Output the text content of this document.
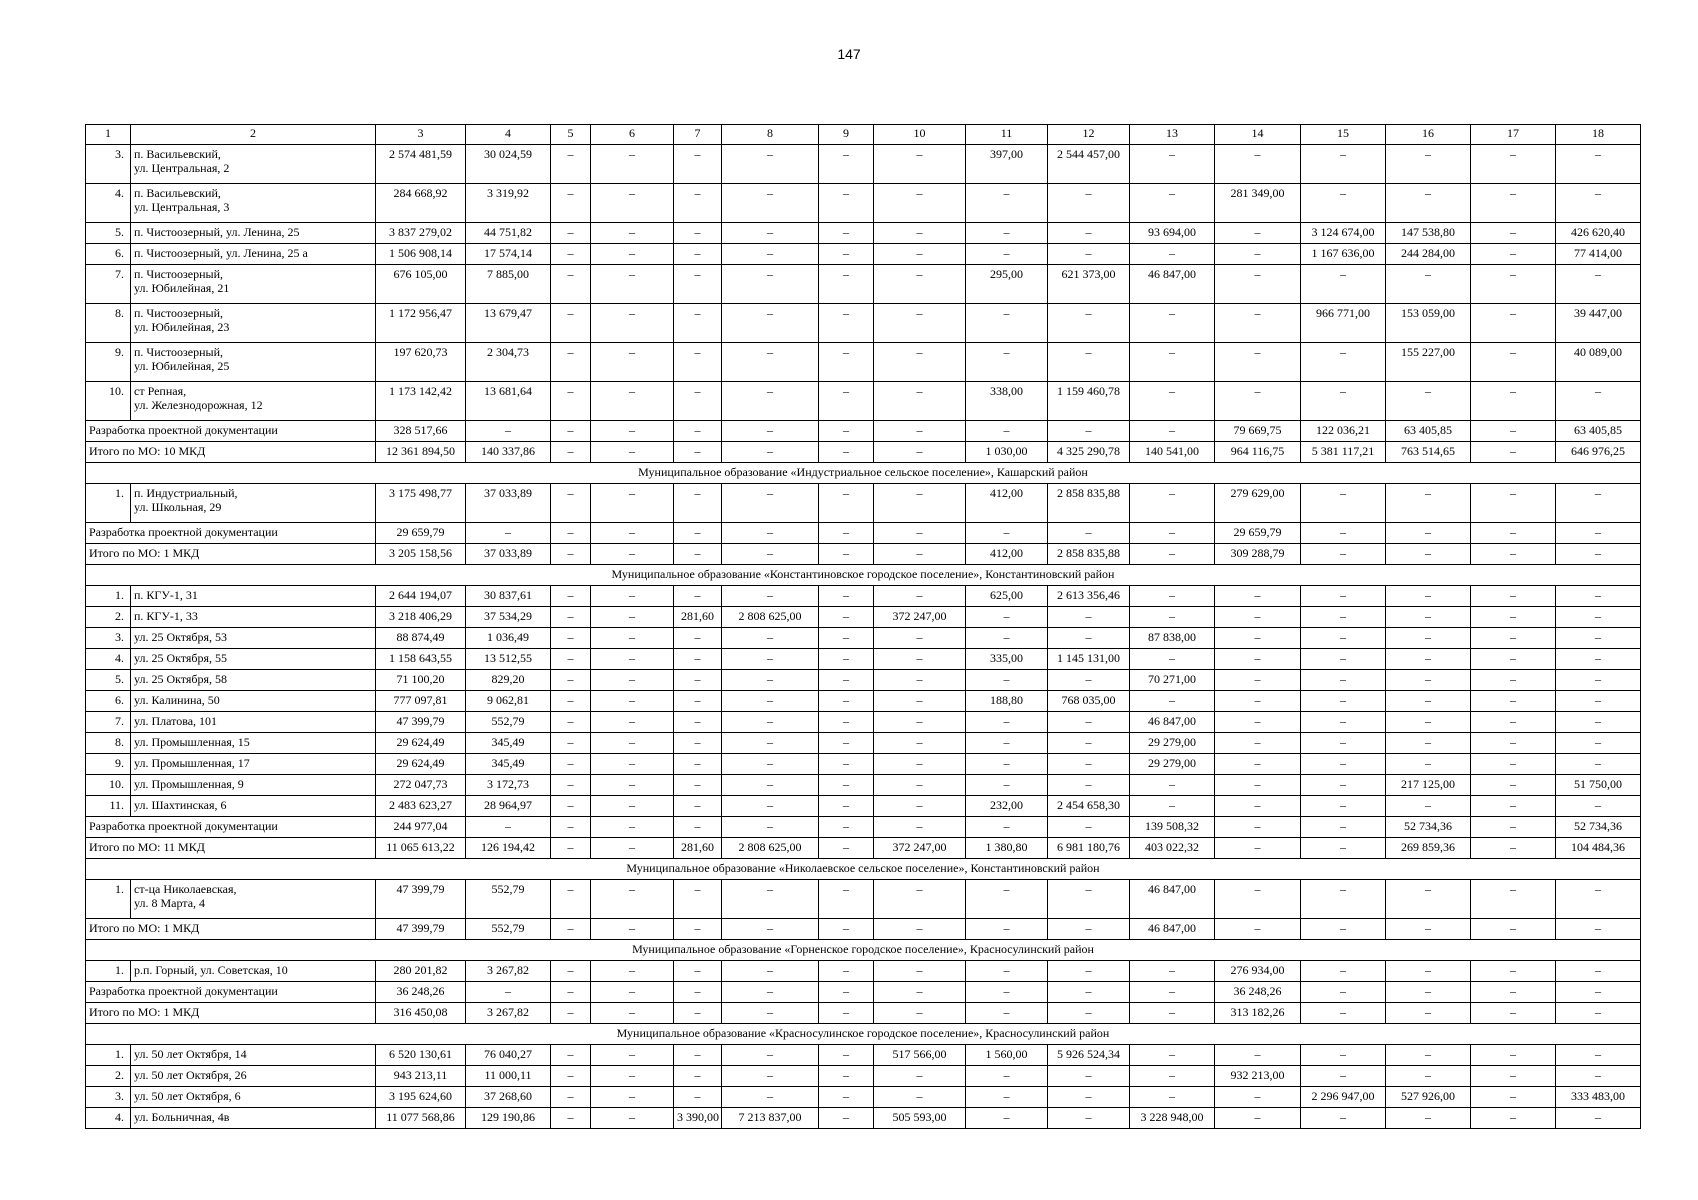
147
1	2	3	4	5	6	7	8	9	10	11	12	13	14	15	16	17	18
3.	п. Васильевский,
ул. Центральная, 2	2 574 481,59	30 024,59	–	–	–	–	–	–	397,00	2 544 457,00	–	–	–	–	–	–
4.	п. Васильевский,
ул. Центральная, 3	284 668,92	3 319,92	–	–	–	–	–	–	–	–	–	281 349,00	–	–	–	–
5.	п. Чистоозерный, ул. Ленина, 25	3 837 279,02	44 751,82	–	–	–	–	–	–	–	–	93 694,00	–	3 124 674,00	147 538,80	–	426 620,40
6.	п. Чистоозерный, ул. Ленина, 25 а	1 506 908,14	17 574,14	–	–	–	–	–	–	–	–	–	–	1 167 636,00	244 284,00	–	77 414,00
7.	п. Чистоозерный,
ул. Юбилейная, 21	676 105,00	7 885,00	–	–	–	–	–	–	295,00	621 373,00	46 847,00	–	–	–	–	–
8.	п. Чистоозерный,
ул. Юбилейная, 23	1 172 956,47	13 679,47	–	–	–	–	–	–	–	–	–	–	966 771,00	153 059,00	–	39 447,00
9.	п. Чистоозерный,
ул. Юбилейная, 25	197 620,73	2 304,73	–	–	–	–	–	–	–	–	–	–	–	155 227,00	–	40 089,00
10.	ст Репная,
ул. Железнодорожная, 12	1 173 142,42	13 681,64	–	–	–	–	–	–	338,00	1 159 460,78	–	–	–	–	–	–
Разработка проектной документации		328 517,66	–	–	–	–	–	–	–	–	–	–	79 669,75	122 036,21	63 405,85	–	63 405,85
Итого по МО: 10 МКД		12 361 894,50	140 337,86	–	–	–	–	–	–	1 030,00	4 325 290,78	140 541,00	964 116,75	5 381 117,21	763 514,65	–	646 976,25
Муниципальное образование «Индустриальное сельское поселение», Кашарский район																	
1.	п. Индустриальный,
ул. Школьная, 29	3 175 498,77	37 033,89	–	–	–	–	–	–	412,00	2 858 835,88	–	279 629,00	–	–	–	–
Разработка проектной документации		29 659,79	–	–	–	–	–	–	–	–	–	–	29 659,79	–	–	–	–
Итого по МО: 1 МКД		3 205 158,56	37 033,89	–	–	–	–	–	–	412,00	2 858 835,88	–	309 288,79	–	–	–	–
Муниципальное образование «Константиновское городское поселение», Константиновский район																	
1.	п. КГУ-1, 31	2 644 194,07	30 837,61	–	–	–	–	–	–	625,00	2 613 356,46	–	–	–	–	–	–
2.	п. КГУ-1, 33	3 218 406,29	37 534,29	–	–	281,60	2 808 625,00	–	372 247,00	–	–	–	–	–	–	–	–
3.	ул. 25 Октября, 53	88 874,49	1 036,49	–	–	–	–	–	–	–	–	87 838,00	–	–	–	–	–
4.	ул. 25 Октября, 55	1 158 643,55	13 512,55	–	–	–	–	–	–	335,00	1 145 131,00	–	–	–	–	–	–
5.	ул. 25 Октября, 58	71 100,20	829,20	–	–	–	–	–	–	–	–	70 271,00	–	–	–	–	–
6.	ул. Калинина, 50	777 097,81	9 062,81	–	–	–	–	–	–	188,80	768 035,00	–	–	–	–	–	–
7.	ул. Платова, 101	47 399,79	552,79	–	–	–	–	–	–	–	–	46 847,00	–	–	–	–	–
8.	ул. Промышленная, 15	29 624,49	345,49	–	–	–	–	–	–	–	–	29 279,00	–	–	–	–	–
9.	ул. Промышленная, 17	29 624,49	345,49	–	–	–	–	–	–	–	–	29 279,00	–	–	–	–	–
10.	ул. Промышленная, 9	272 047,73	3 172,73	–	–	–	–	–	–	–	–	–	–	–	217 125,00	–	51 750,00
11.	ул. Шахтинская, 6	2 483 623,27	28 964,97	–	–	–	–	–	–	232,00	2 454 658,30	–	–	–	–	–	–
Разработка проектной документации		244 977,04	–	–	–	–	–	–	–	–	–	139 508,32	–	–	52 734,36	–	52 734,36
Итого по МО: 11 МКД		11 065 613,22	126 194,42	–	–	281,60	2 808 625,00	–	372 247,00	1 380,80	6 981 180,76	403 022,32	–	–	269 859,36	–	104 484,36
Муниципальное образование «Николаевское сельское поселение», Константиновский район																	
1.	ст-ца Николаевская,
ул. 8 Марта, 4	47 399,79	552,79	–	–	–	–	–	–	–	–	46 847,00	–	–	–	–	–
Итого по МО: 1 МКД		47 399,79	552,79	–	–	–	–	–	–	–	–	46 847,00	–	–	–	–	–
Муниципальное образование «Горненское городское поселение», Красносулинский район																	
1.	р.п. Горный, ул. Советская, 10	280 201,82	3 267,82	–	–	–	–	–	–	–	–	–	276 934,00	–	–	–	–
Разработка проектной документации		36 248,26	–	–	–	–	–	–	–	–	–	–	36 248,26	–	–	–	–
Итого по МО: 1 МКД		316 450,08	3 267,82	–	–	–	–	–	–	–	–	–	313 182,26	–	–	–	–
Муниципальное образование «Красносулинское городское поселение», Красносулинский район																	
1.	ул. 50 лет Октября, 14	6 520 130,61	76 040,27	–	–	–	–	–	517 566,00	1 560,00	5 926 524,34	–	–	–	–	–	–
2.	ул. 50 лет Октября, 26	943 213,11	11 000,11	–	–	–	–	–	–	–	–	–	932 213,00	–	–	–	–
3.	ул. 50 лет Октября, 6	3 195 624,60	37 268,60	–	–	–	–	–	–	–	–	–	–	2 296 947,00	527 926,00	–	333 483,00
4.	ул. Больничная, 4в	11 077 568,86	129 190,86	–	–	3 390,00	7 213 837,00	–	505 593,00	–	–	3 228 948,00	–	–	–	–	–
